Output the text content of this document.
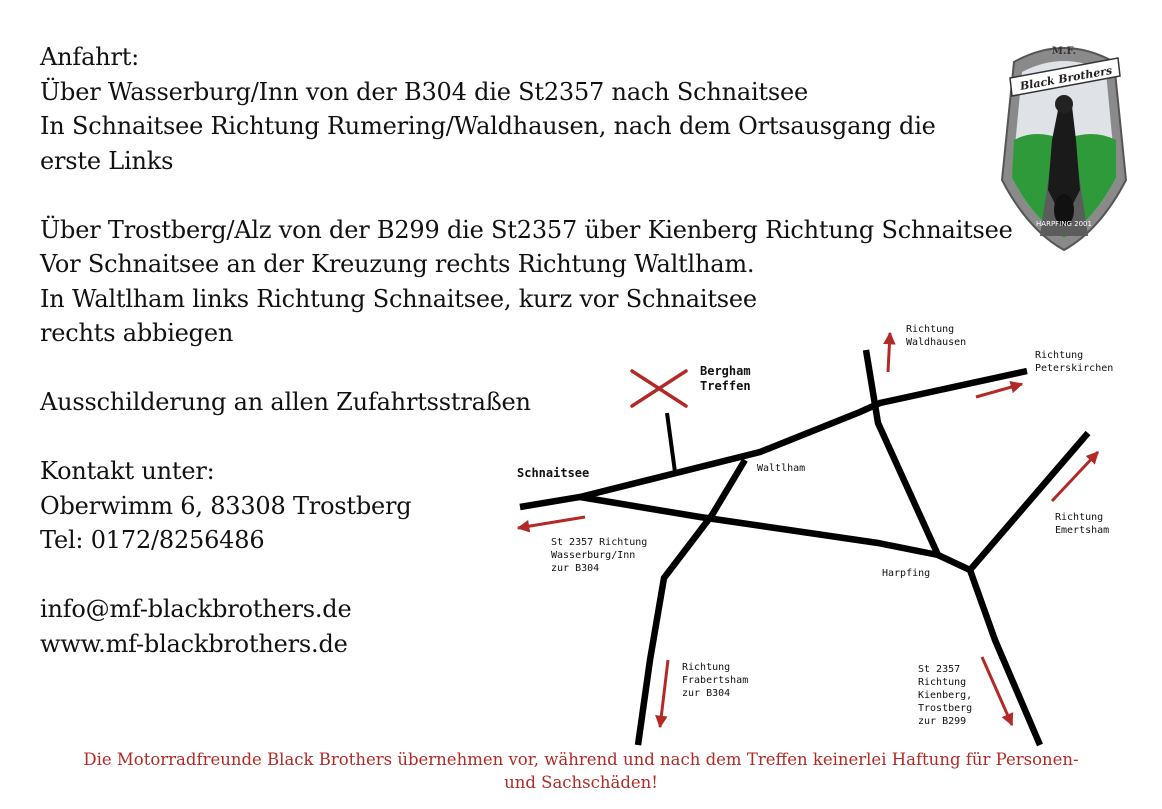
Anfahrt:
Über Wasserburg/Inn von der B304 die St2357 nach Schnaitsee
In Schnaitsee Richtung Rumering/Waldhausen, nach dem Ortsausgang die
erste Links
Über Trostberg/Alz von der B299 die St2357 über Kienberg Richtung Schnaitsee
Vor Schnaitsee an der Kreuzung rechts Richtung Waltlham.
In Waltlham links Richtung Schnaitsee, kurz vor Schnaitsee
rechts abbiegen
Ausschilderung an allen Zufahrtsstraßen
Kontakt unter:
Oberwimm 6, 83308 Trostberg
Tel: 0172/8256486
info@mf-blackbrothers.de
www.mf-blackbrothers.de
Bergham Treffen
Schnaitsee	Waltlham
Harpfing
Richtung Waldhausen
Richtung Peterskirchen
Richtung Emertsham
St 2357 Richtung Wasserburg/Inn zur B304
Richtung Frabertsham zur B304
St 2357 Richtung Kienberg, Trostberg zur B299
M.F.
Black Brothers
HARPFING 2001
Die Motorradfreunde Black Brothers übernehmen vor, während und nach dem Treffen keinerlei Haftung für Personen-
und Sachschäden!
